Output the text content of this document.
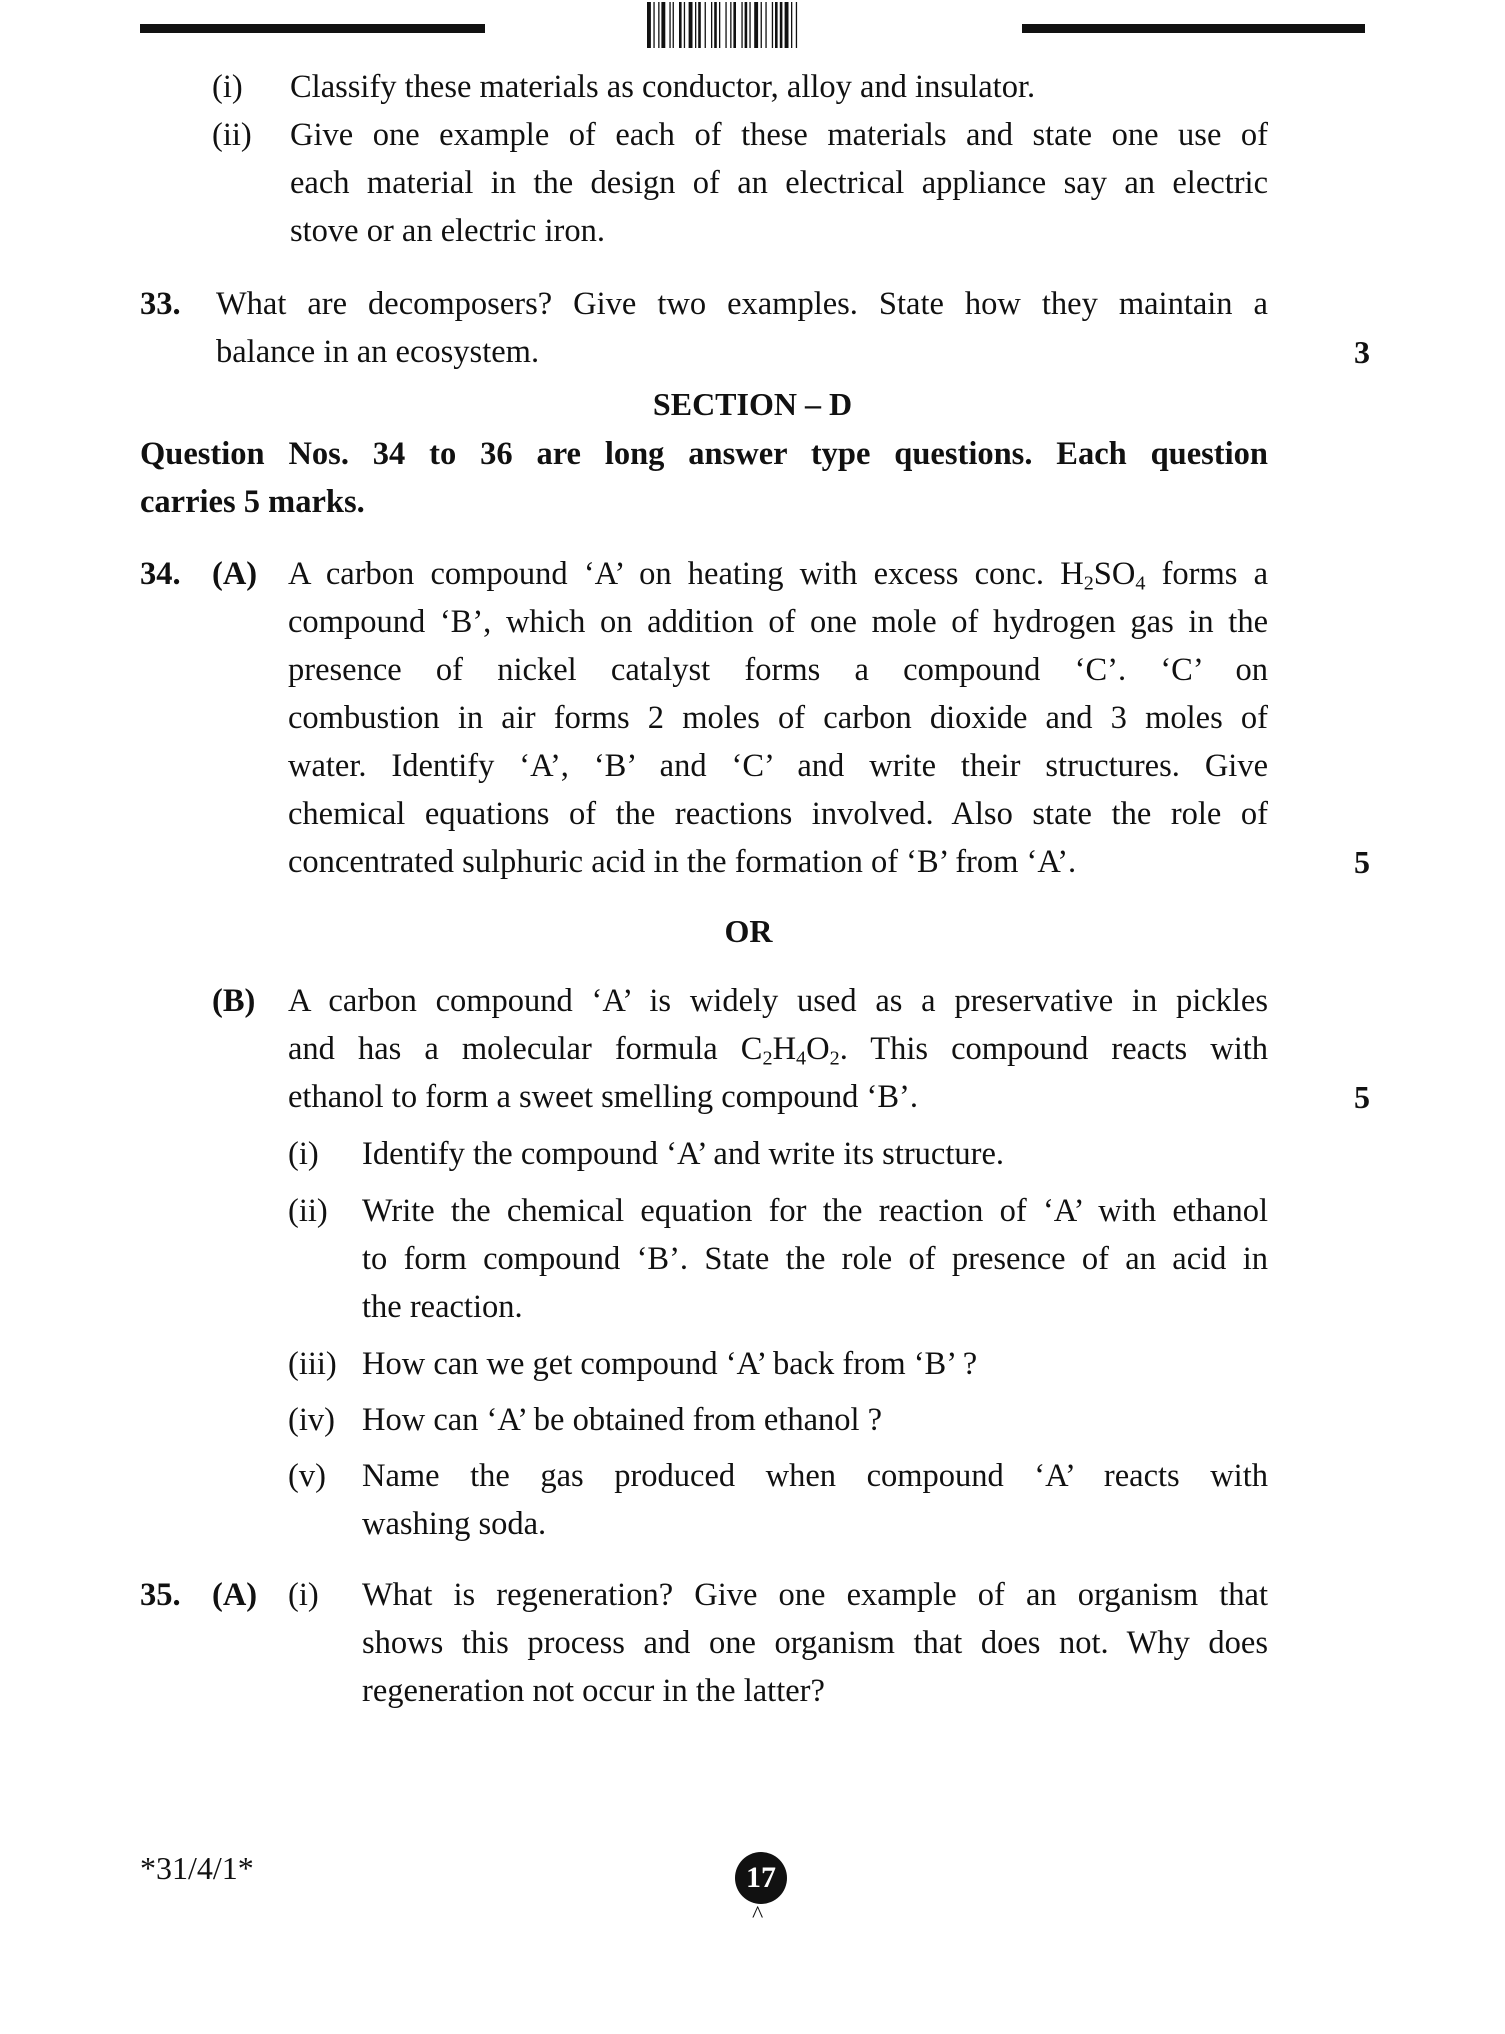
(i) Classify these materials as conductor, alloy and insulator.
(ii) Give one example of each of these materials and state one use of
each material in the design of an electrical appliance say an electric
stove or an electric iron.
33. What are decomposers? Give two examples. State how they maintain a
balance in an ecosystem.	3
SECTION – D
Question Nos. 34 to 36 are long answer type questions. Each question
carries 5 marks.
34. (A) A carbon compound ‘A’ on heating with excess conc. $H_2SO_4$ forms a
compound ‘B’, which on addition of one mole of hydrogen gas in the
presence of nickel catalyst forms a compound ‘C’. ‘C’ on
combustion in air forms 2 moles of carbon dioxide and 3 moles of
water. Identify ‘A’, ‘B’ and ‘C’ and write their structures. Give
chemical equations of the reactions involved. Also state the role of
concentrated sulphuric acid in the formation of ‘B’ from ‘A’.	5
OR
(B) A carbon compound ‘A’ is widely used as a preservative in pickles
and has a molecular formula $C_2H_4O_2$. This compound reacts with
ethanol to form a sweet smelling compound ‘B’.	5
(i) Identify the compound ‘A’ and write its structure.
(ii) Write the chemical equation for the reaction of ‘A’ with ethanol
to form compound ‘B’. State the role of presence of an acid in
the reaction.
(iii) How can we get compound ‘A’ back from ‘B’ ?
(iv) How can ‘A’ be obtained from ethanol ?
(v) Name the gas produced when compound ‘A’ reacts with
washing soda.
35. (A) (i) What is regeneration? Give one example of an organism that
shows this process and one organism that does not. Why does
regeneration not occur in the latter?
*31/4/1*	17
^
